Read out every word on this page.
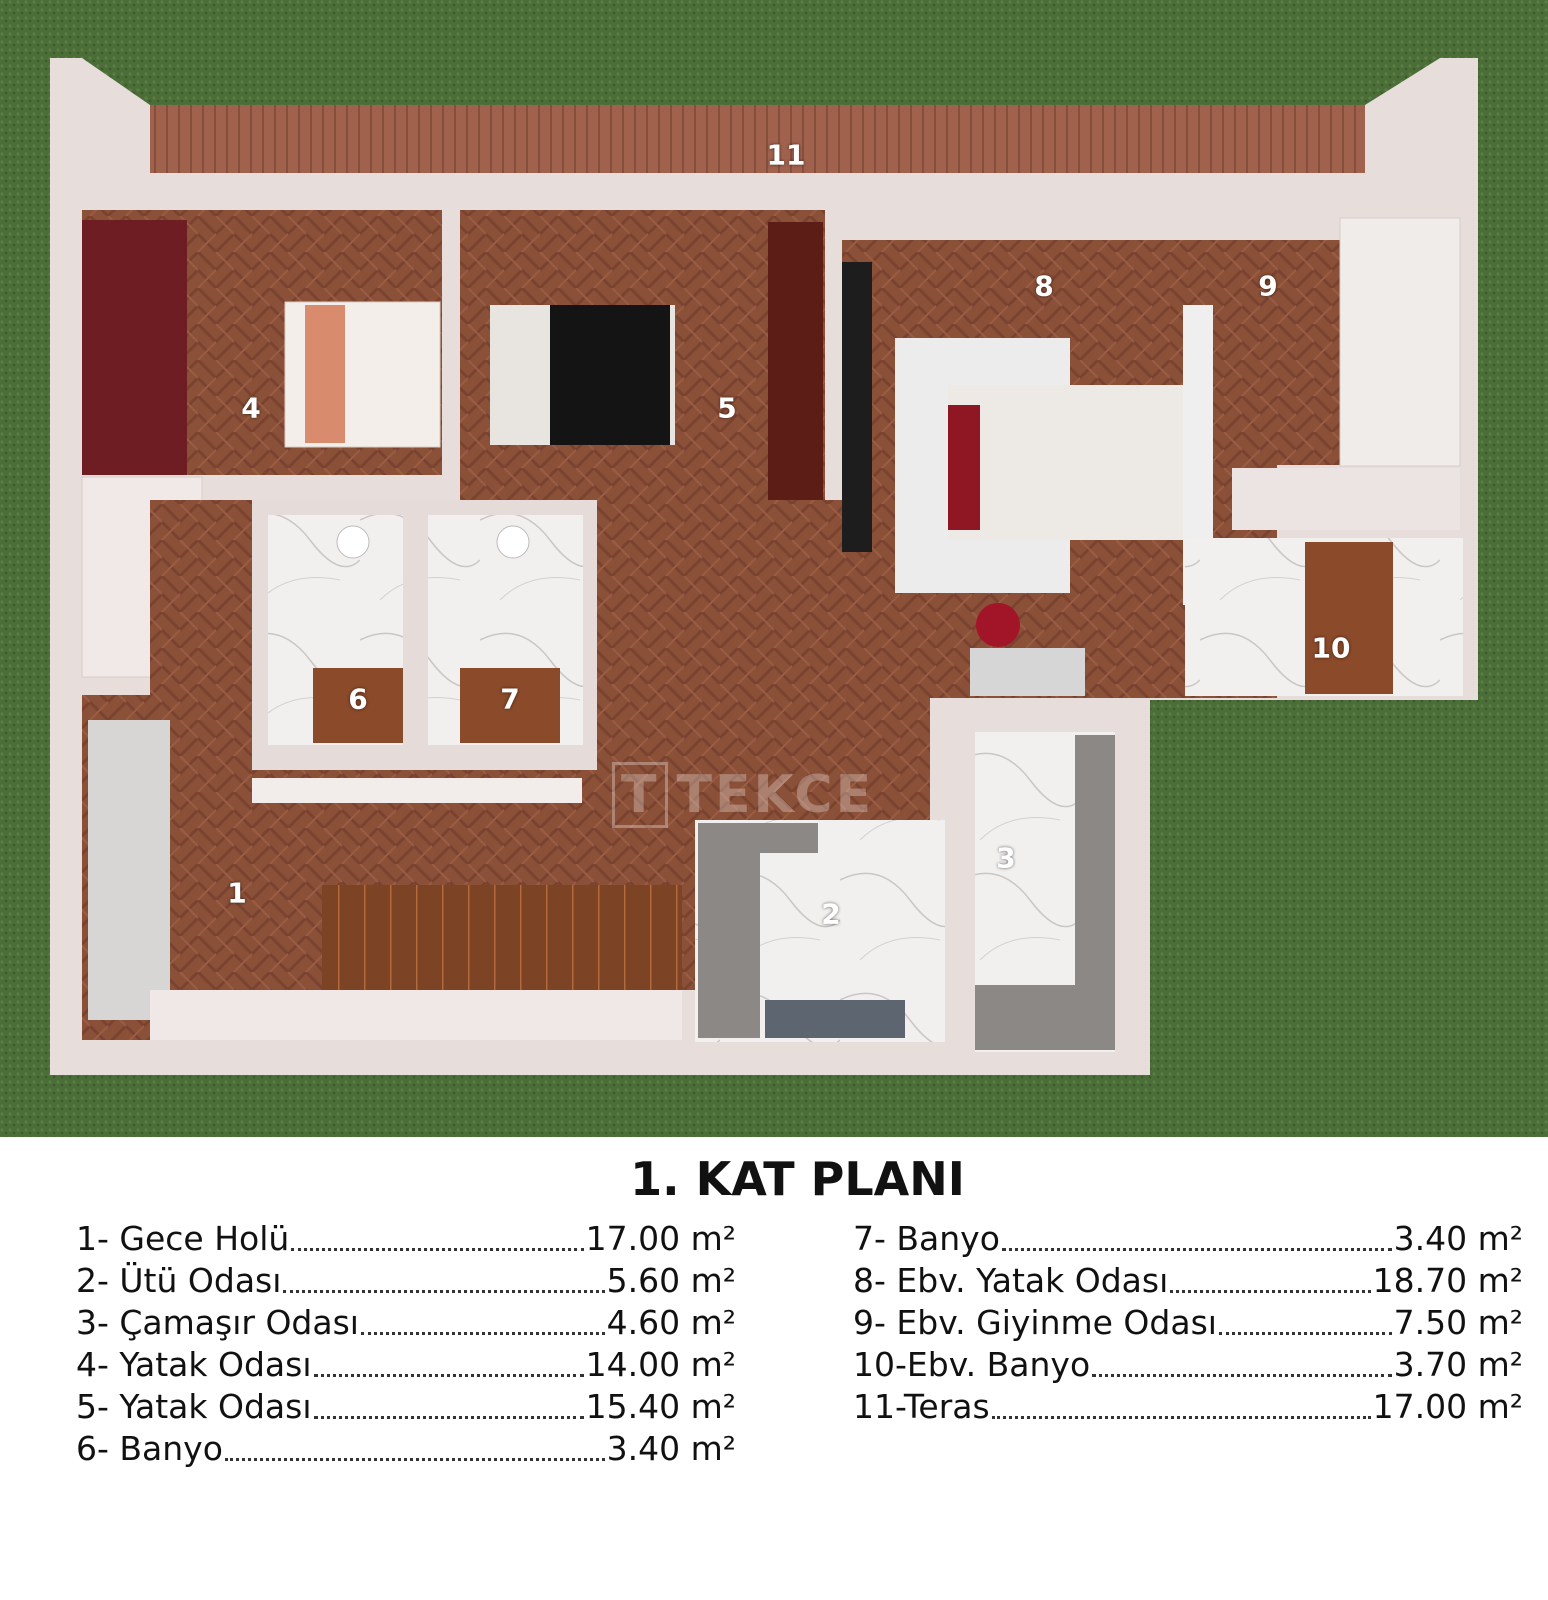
11
4	5
8	9
10
6	7
1
2
3
T TEKCE
1. KAT PLANI
1- Gece Holü	17.00 m²
2- Ütü Odası	5.60 m²
3- Çamaşır Odası	4.60 m²
4- Yatak Odası	14.00 m²
5- Yatak Odası	15.40 m²
6- Banyo	3.40 m²
7- Banyo	3.40 m²
8- Ebv. Yatak Odası	18.70 m²
9- Ebv. Giyinme Odası	7.50 m²
10-Ebv. Banyo	3.70 m²
11-Teras	17.00 m²
